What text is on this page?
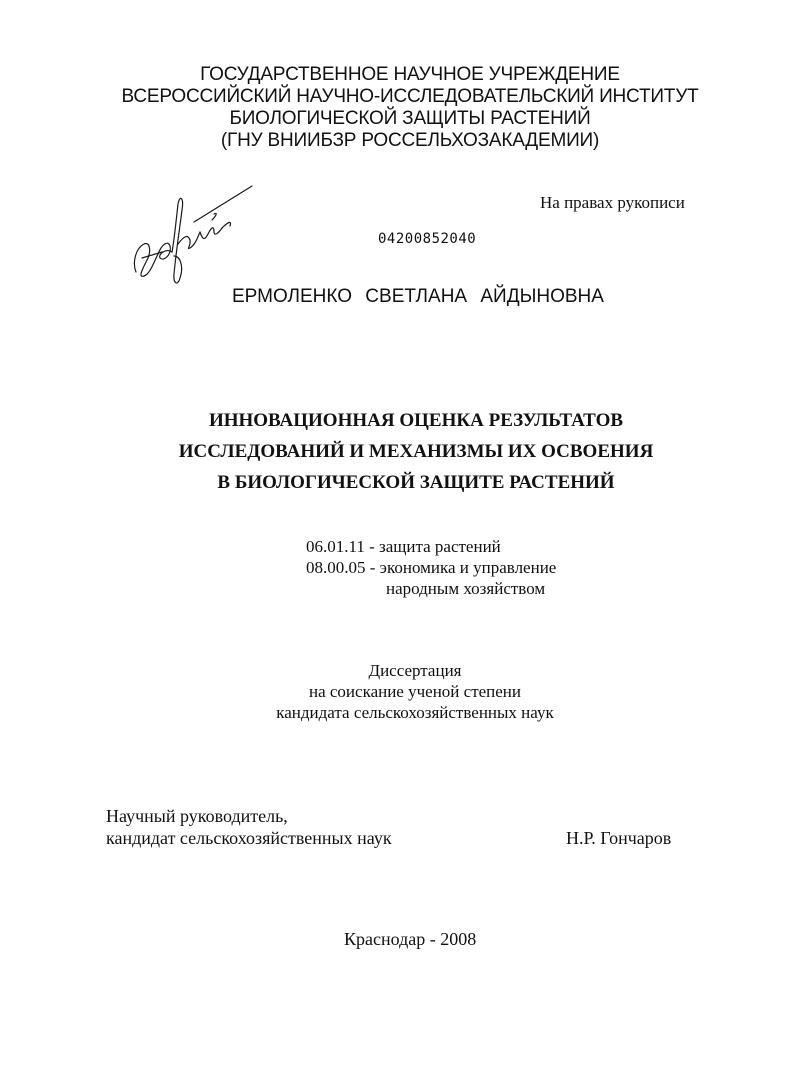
ГОСУДАРСТВЕННОЕ НАУЧНОЕ УЧРЕЖДЕНИЕ
ВСЕРОССИЙСКИЙ НАУЧНО-ИССЛЕДОВАТЕЛЬСКИЙ ИНСТИТУТ
БИОЛОГИЧЕСКОЙ ЗАЩИТЫ РАСТЕНИЙ
(ГНУ ВНИИБЗР РОССЕЛЬХОЗАКАДЕМИИ)
На правах рукописи
04200852040
ЕРМОЛЕНКО СВЕТЛАНА АЙДЫНОВНА
ИННОВАЦИОННАЯ ОЦЕНКА РЕЗУЛЬТАТОВ
ИССЛЕДОВАНИЙ И МЕХАНИЗМЫ ИХ ОСВОЕНИЯ
В БИОЛОГИЧЕСКОЙ ЗАЩИТЕ РАСТЕНИЙ
06.01.11 - защита растений
08.00.05 - экономика и управление
народным хозяйством
Диссертация
на соискание ученой степени
кандидата сельскохозяйственных наук
Научный руководитель,
кандидат сельскохозяйственных наук	Н.Р. Гончаров
Краснодар - 2008
